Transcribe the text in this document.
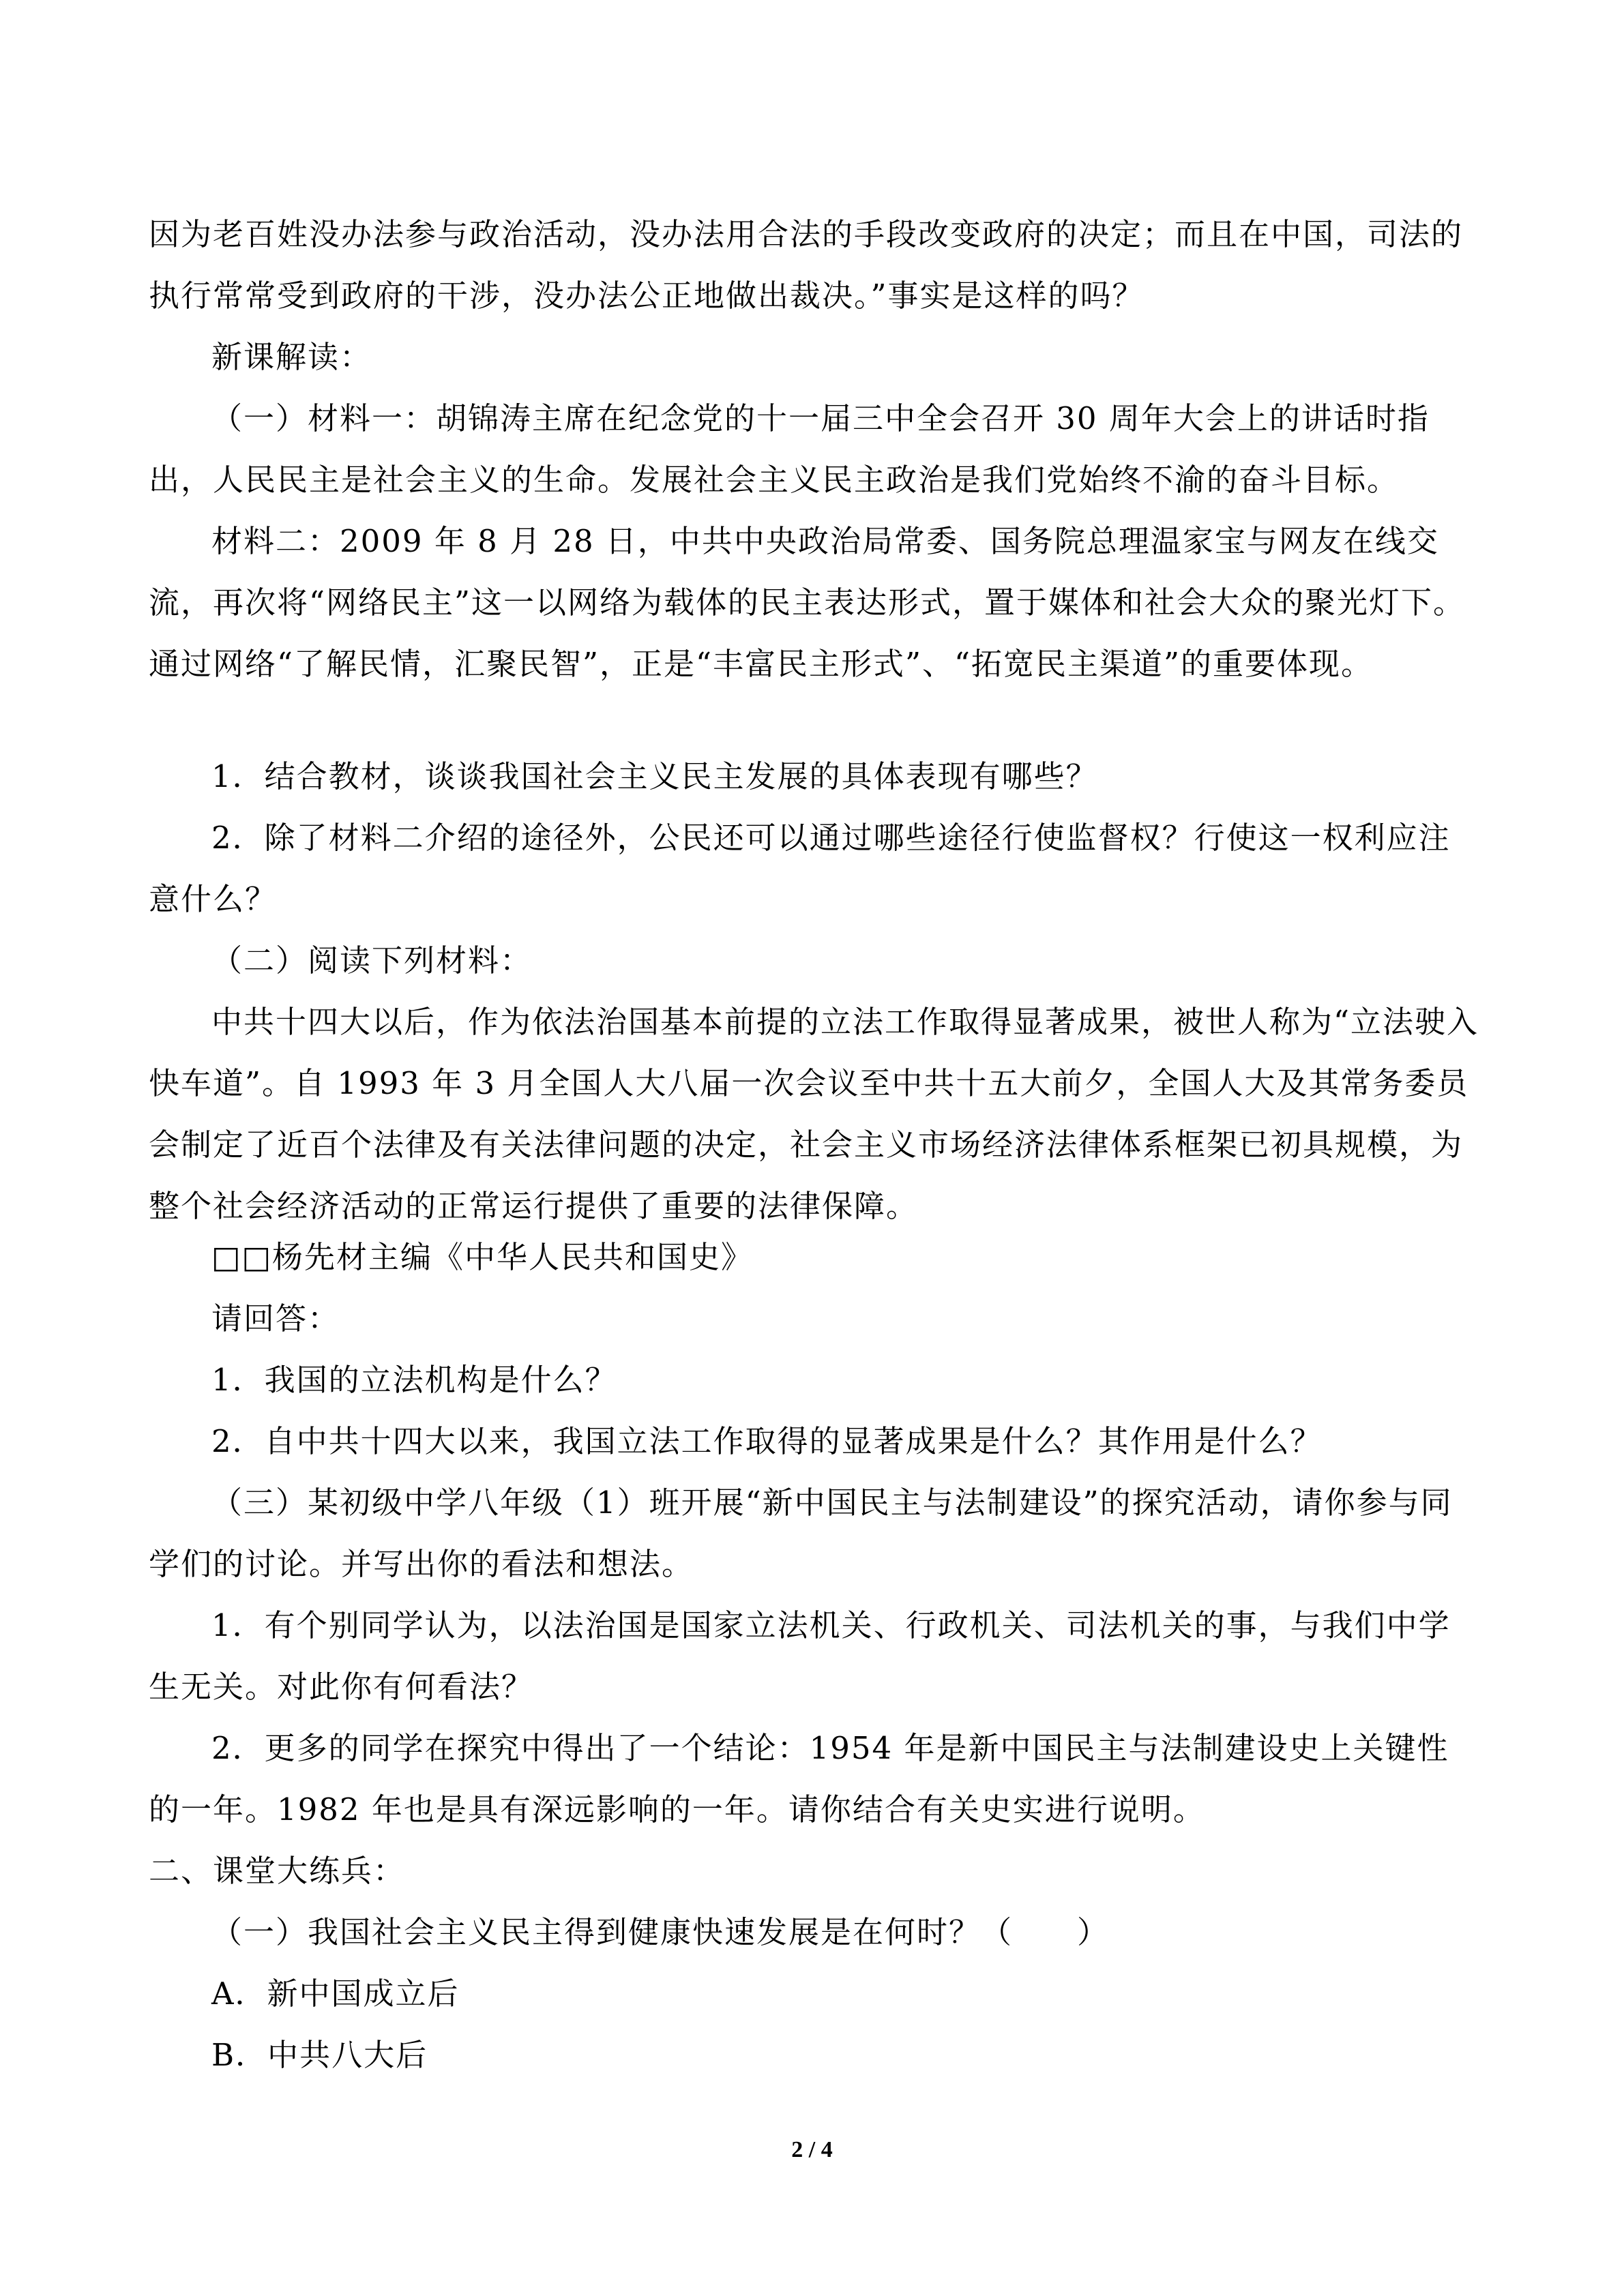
因为老百姓没办法参与政治活动，没办法用合法的手段改变政府的决定；而且在中国，司法的执行常常受到政府的干涉，没办法公正地做出裁决。”事实是这样的吗？

新课解读：

（一）材料一：胡锦涛主席在纪念党的十一届三中全会召开 30 周年大会上的讲话时指出，人民民主是社会主义的生命。发展社会主义民主政治是我们党始终不渝的奋斗目标。

材料二：2009 年 8 月 28 日，中共中央政治局常委、国务院总理温家宝与网友在线交流，再次将“网络民主”这一以网络为载体的民主表达形式，置于媒体和社会大众的聚光灯下。通过网络“了解民情，汇聚民智”，正是“丰富民主形式”、“拓宽民主渠道”的重要体现。

1．结合教材，谈谈我国社会主义民主发展的具体表现有哪些？

2．除了材料二介绍的途径外，公民还可以通过哪些途径行使监督权？行使这一权利应注意什么？

（二）阅读下列材料：

中共十四大以后，作为依法治国基本前提的立法工作取得显著成果，被世人称为“立法驶入快车道”。自 1993 年 3 月全国人大八届一次会议至中共十五大前夕，全国人大及其常务委员会制定了近百个法律及有关法律问题的决定，社会主义市场经济法律体系框架已初具规模，为整个社会经济活动的正常运行提供了重要的法律保障。

□□杨先材主编《中华人民共和国史》

请回答：

1．我国的立法机构是什么？

2．自中共十四大以来，我国立法工作取得的显著成果是什么？其作用是什么？

（三）某初级中学八年级（1）班开展“新中国民主与法制建设”的探究活动，请你参与同学们的讨论。并写出你的看法和想法。

1．有个别同学认为，以法治国是国家立法机关、行政机关、司法机关的事，与我们中学生无关。对此你有何看法？

2．更多的同学在探究中得出了一个结论：1954 年是新中国民主与法制建设史上关键性的一年。1982 年也是具有深远影响的一年。请你结合有关史实进行说明。

二、课堂大练兵：

（一）我国社会主义民主得到健康快速发展是在何时？（　　）

A．新中国成立后

B．中共八大后

2 / 4
